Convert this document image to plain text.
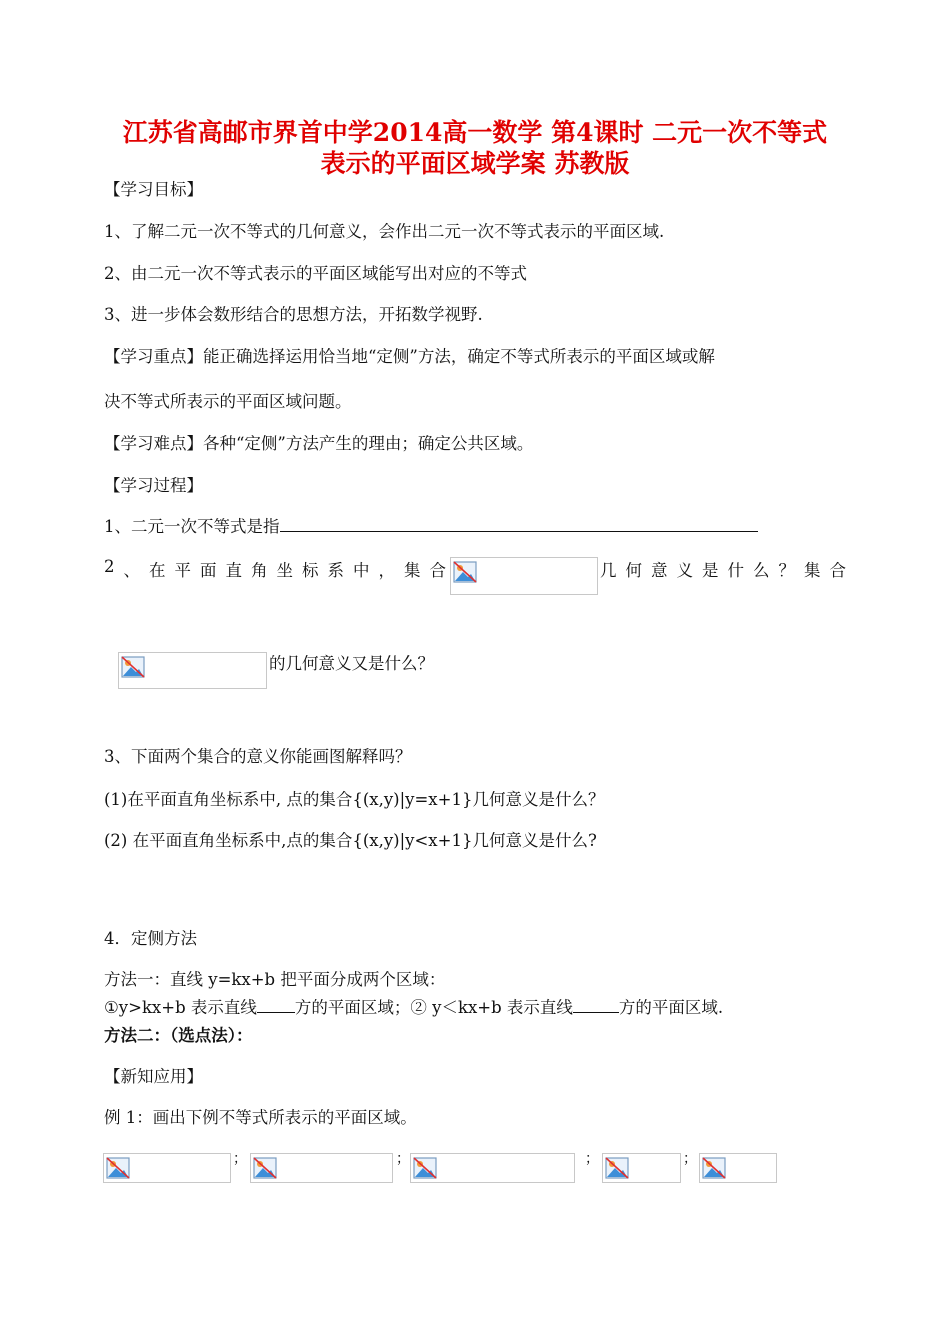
江苏省高邮市界首中学2014高一数学 第4课时 二元一次不等式
表示的平面区域学案 苏教版
【学习目标】
1、了解二元一次不等式的几何意义，会作出二元一次不等式表示的平面区域.
2、由二元一次不等式表示的平面区域能写出对应的不等式
3、进一步体会数形结合的思想方法，开拓数学视野.
【学习重点】能正确选择运用恰当地“定侧”方法，确定不等式所表示的平面区域或解
决不等式所表示的平面区域问题。
【学习难点】各种“定侧”方法产生的理由；确定公共区域。
【学习过程】
1、二元一次不等式是指
2 、 在 平 面 直 角 坐 标 系 中 ， 集 合	几 何 意 义 是 什 么 ？ 集 合
的几何意义又是什么？
3、下面两个集合的意义你能画图解释吗？
(1)在平面直角坐标系中, 点的集合{(x,y)|y=x+1}几何意义是什么？
(2) 在平面直角坐标系中,点的集合{(x,y)|y<x+1}几何意义是什么?
4．定侧方法
方法一：直线 y=kx+b 把平面分成两个区域：
①y>kx+b 表示直线 方的平面区域；② y＜kx+b 表示直线	方的平面区域.
方法二：（选点法）：
【新知应用】
例 1：画出下例不等式所表示的平面区域。
；	；	；	；
